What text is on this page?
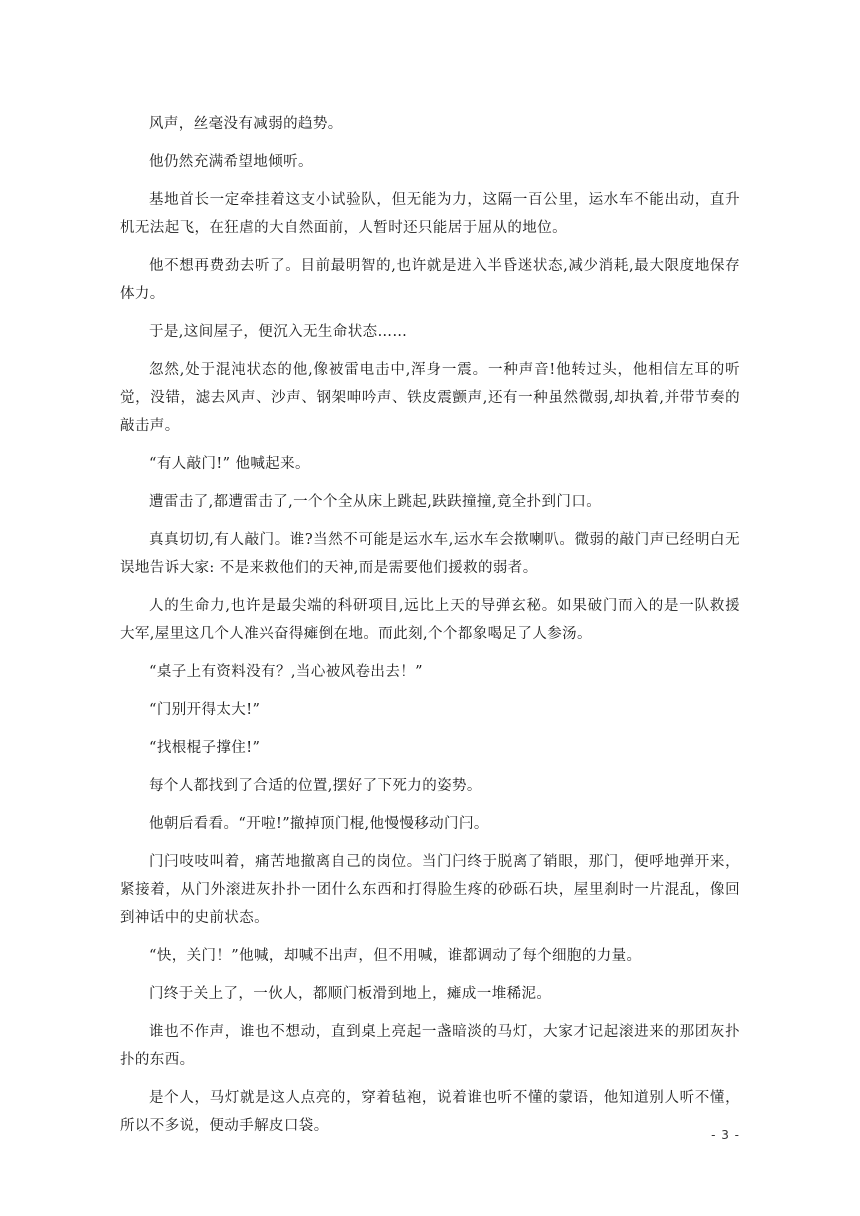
风声，丝毫没有减弱的趋势。

他仍然充满希望地倾听。

基地首长一定牵挂着这支小试验队，但无能为力，这隔一百公里，运水车不能出动，直升机无法起飞，在狂虐的大自然面前，人暂时还只能居于屈从的地位。

他不想再费劲去听了。目前最明智的,也许就是进入半昏迷状态,减少消耗,最大限度地保存体力。

于是,这间屋子，便沉入无生命状态……

忽然,处于混沌状态的他,像被雷电击中,浑身一震。一种声音!他转过头，他相信左耳的听觉，没错，滤去风声、沙声、钢架呻吟声、铁皮震颤声,还有一种虽然微弱,却执着,并带节奏的敲击声。

“有人敲门!” 他喊起来。

遭雷击了,都遭雷击了,一个个全从床上跳起,趺趺撞撞,竟全扑到门口。

真真切切,有人敲门。谁?当然不可能是运水车,运水车会揿喇叭。微弱的敲门声已经明白无误地告诉大家: 不是来救他们的天神,而是需要他们援救的弱者。

人的生命力,也许是最尖端的科研项目,远比上天的导弹玄秘。如果破门而入的是一队救援大军,屋里这几个人准兴奋得瘫倒在地。而此刻,个个都象喝足了人参汤。

“桌子上有资料没有？,当心被风卷出去！”

“门别开得太大!”

“找根棍子撑住!”

每个人都找到了合适的位置,摆好了下死力的姿势。

他朝后看看。“开啦!”撤掉顶门棍,他慢慢移动门闩。

门闩吱吱叫着，痛苦地撤离自己的岗位。当门闩终于脱离了销眼，那门，便呼地弹开来，紧接着，从门外滚进灰扑扑一团什么东西和打得脸生疼的砂砾石块，屋里刹时一片混乱，像回到神话中的史前状态。

“快，关门！”他喊，却喊不出声，但不用喊，谁都调动了每个细胞的力量。

门终于关上了，一伙人，都顺门板滑到地上，瘫成一堆稀泥。

谁也不作声，谁也不想动，直到桌上亮起一盏暗淡的马灯，大家才记起滚进来的那团灰扑扑的东西。

是个人，马灯就是这人点亮的，穿着毡袍，说着谁也听不懂的蒙语，他知道别人听不懂，所以不多说，便动手解皮口袋。

- 3 -
